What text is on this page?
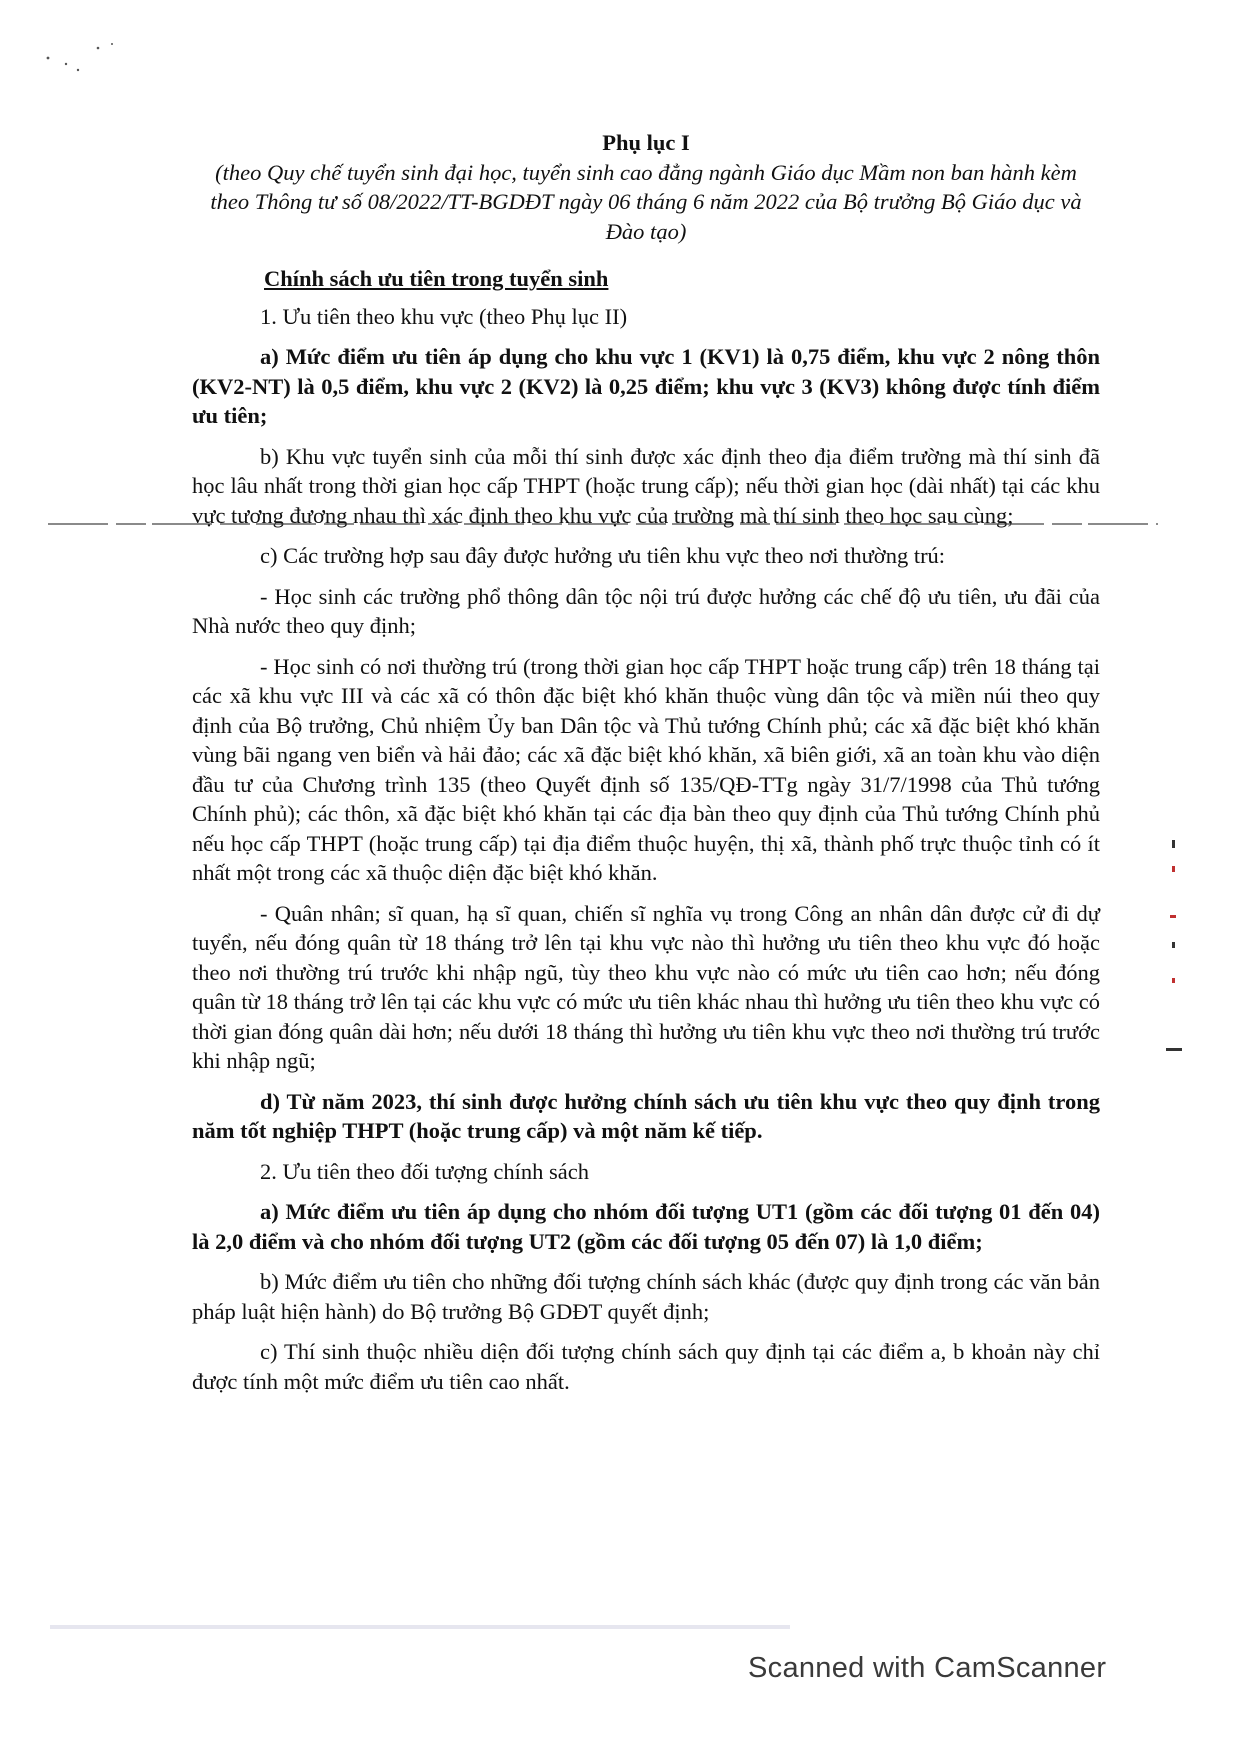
Phụ lục I
(theo Quy chế tuyển sinh đại học, tuyển sinh cao đẳng ngành Giáo dục Mầm non ban hành kèm theo Thông tư số 08/2022/TT-BGDĐT ngày 06 tháng 6 năm 2022 của Bộ trưởng Bộ Giáo dục và Đào tạo)
Chính sách ưu tiên trong tuyển sinh

1. Ưu tiên theo khu vực (theo Phụ lục II)

a) Mức điểm ưu tiên áp dụng cho khu vực 1 (KV1) là 0,75 điểm, khu vực 2 nông thôn (KV2-NT) là 0,5 điểm, khu vực 2 (KV2) là 0,25 điểm; khu vực 3 (KV3) không được tính điểm ưu tiên;

b) Khu vực tuyển sinh của mỗi thí sinh được xác định theo địa điểm trường mà thí sinh đã học lâu nhất trong thời gian học cấp THPT (hoặc trung cấp); nếu thời gian học (dài nhất) tại các khu vực tương đương nhau thì xác định theo khu vực của trường mà thí sinh theo học sau cùng;

c) Các trường hợp sau đây được hưởng ưu tiên khu vực theo nơi thường trú:

- Học sinh các trường phổ thông dân tộc nội trú được hưởng các chế độ ưu tiên, ưu đãi của Nhà nước theo quy định;

- Học sinh có nơi thường trú (trong thời gian học cấp THPT hoặc trung cấp) trên 18 tháng tại các xã khu vực III và các xã có thôn đặc biệt khó khăn thuộc vùng dân tộc và miền núi theo quy định của Bộ trưởng, Chủ nhiệm Ủy ban Dân tộc và Thủ tướng Chính phủ; các xã đặc biệt khó khăn vùng bãi ngang ven biển và hải đảo; các xã đặc biệt khó khăn, xã biên giới, xã an toàn khu vào diện đầu tư của Chương trình 135 (theo Quyết định số 135/QĐ-TTg ngày 31/7/1998 của Thủ tướng Chính phủ); các thôn, xã đặc biệt khó khăn tại các địa bàn theo quy định của Thủ tướng Chính phủ nếu học cấp THPT (hoặc trung cấp) tại địa điểm thuộc huyện, thị xã, thành phố trực thuộc tỉnh có ít nhất một trong các xã thuộc diện đặc biệt khó khăn.

- Quân nhân; sĩ quan, hạ sĩ quan, chiến sĩ nghĩa vụ trong Công an nhân dân được cử đi dự tuyển, nếu đóng quân từ 18 tháng trở lên tại khu vực nào thì hưởng ưu tiên theo khu vực đó hoặc theo nơi thường trú trước khi nhập ngũ, tùy theo khu vực nào có mức ưu tiên cao hơn; nếu đóng quân từ 18 tháng trở lên tại các khu vực có mức ưu tiên khác nhau thì hưởng ưu tiên theo khu vực có thời gian đóng quân dài hơn; nếu dưới 18 tháng thì hưởng ưu tiên khu vực theo nơi thường trú trước khi nhập ngũ;

d) Từ năm 2023, thí sinh được hưởng chính sách ưu tiên khu vực theo quy định trong năm tốt nghiệp THPT (hoặc trung cấp) và một năm kế tiếp.

2. Ưu tiên theo đối tượng chính sách

a) Mức điểm ưu tiên áp dụng cho nhóm đối tượng UT1 (gồm các đối tượng 01 đến 04) là 2,0 điểm và cho nhóm đối tượng UT2 (gồm các đối tượng 05 đến 07) là 1,0 điểm;

b) Mức điểm ưu tiên cho những đối tượng chính sách khác (được quy định trong các văn bản pháp luật hiện hành) do Bộ trưởng Bộ GDĐT quyết định;

c) Thí sinh thuộc nhiều diện đối tượng chính sách quy định tại các điểm a, b khoản này chỉ được tính một mức điểm ưu tiên cao nhất.

Scanned with CamScanner
